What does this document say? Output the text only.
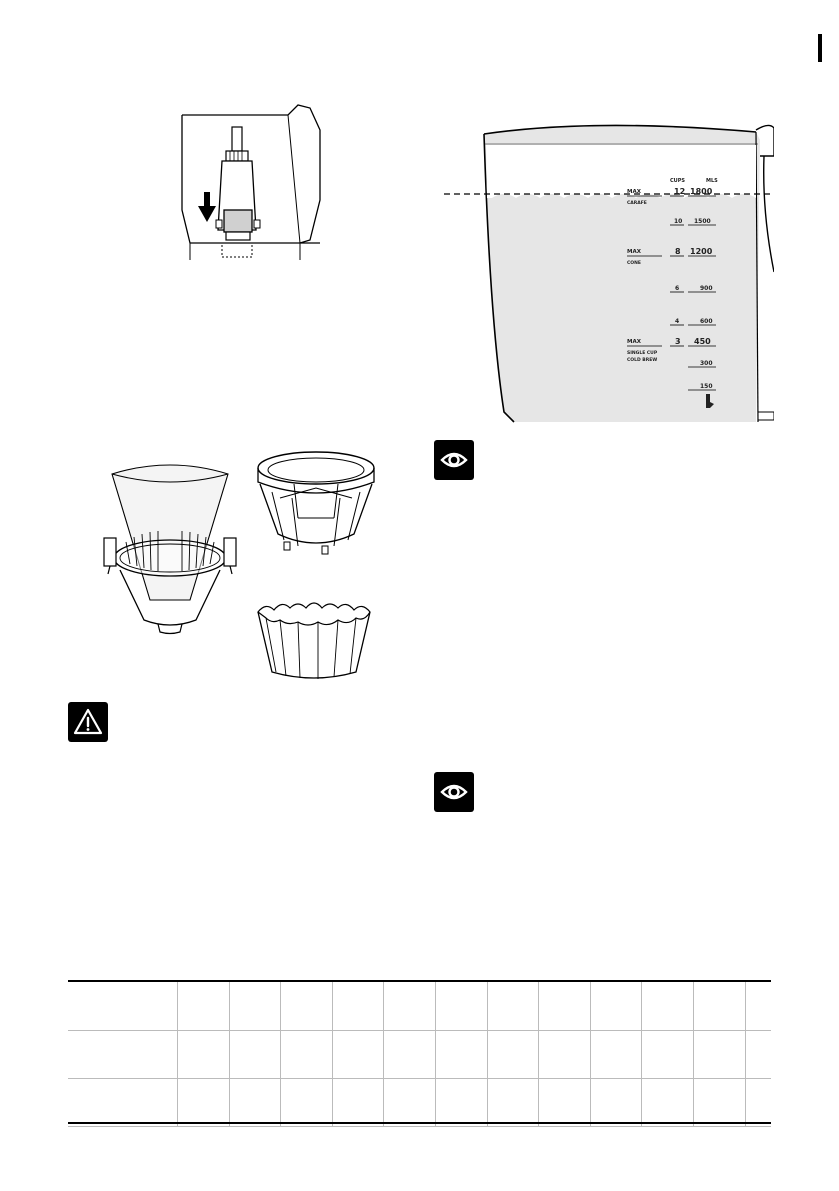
CUPS	MLS
MAX
CARAFE
12 1800
10 1500
MAX
CONE
8 1200
6	900
4	600
MAX
SINGLE CUP
COLD BREW
3 450
300
150
